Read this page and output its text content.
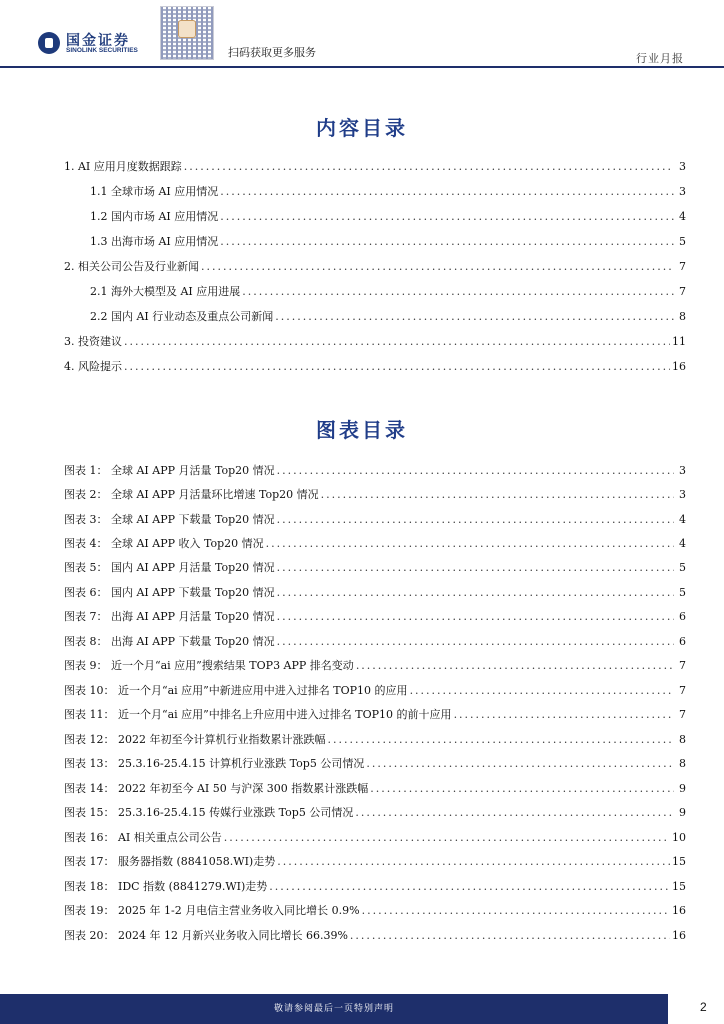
国金证券
SINOLINK SECURITIES	扫码获取更多服务	行业月报
内容目录
1. AI 应用月度数据跟踪 .....	3
1.1 全球市场 AI 应用情况 .....	3
1.2 国内市场 AI 应用情况 .....	4
1.3 出海市场 AI 应用情况 .....	5
2. 相关公司公告及行业新闻 .....	7
2.1 海外大模型及 AI 应用进展 .....	7
2.2 国内 AI 行业动态及重点公司新闻 .....	8
3. 投资建议 .....	11
4. 风险提示 .....	16
图表目录
图表 1： 全球 AI APP 月活量 Top20 情况 .....	3
图表 2： 全球 AI APP 月活量环比增速 Top20 情况 .....	3
图表 3： 全球 AI APP 下载量 Top20 情况 .....	4
图表 4： 全球 AI APP 收入 Top20 情况 .....	4
图表 5： 国内 AI APP 月活量 Top20 情况 .....	5
图表 6： 国内 AI APP 下载量 Top20 情况 .....	5
图表 7： 出海 AI APP 月活量 Top20 情况 .....	6
图表 8： 出海 AI APP 下载量 Top20 情况 .....	6
图表 9： 近一个月“ai 应用”搜索结果 TOP3 APP 排名变动 .....	7
图表 10： 近一个月“ai 应用”中新进应用中进入过排名 TOP10 的应用 .....	7
图表 11： 近一个月“ai 应用”中排名上升应用中进入过排名 TOP10 的前十应用 .....	7
图表 12： 2022 年初至今计算机行业指数累计涨跌幅 .....	8
图表 13： 25.3.16-25.4.15 计算机行业涨跌 Top5 公司情况 .....	8
图表 14： 2022 年初至今 AI 50 与沪深 300 指数累计涨跌幅 .....	9
图表 15： 25.3.16-25.4.15 传媒行业涨跌 Top5 公司情况 .....	9
图表 16： AI 相关重点公司公告 .....	10
图表 17： 服务器指数 (8841058.WI)走势 .....	15
图表 18： IDC 指数 (8841279.WI)走势 .....	15
图表 19： 2025 年 1-2 月电信主营业务收入同比增长 0.9% .....	16
图表 20： 2024 年 12 月新兴业务收入同比增长 66.39% .....	16
敬请参阅最后一页特别声明	2
